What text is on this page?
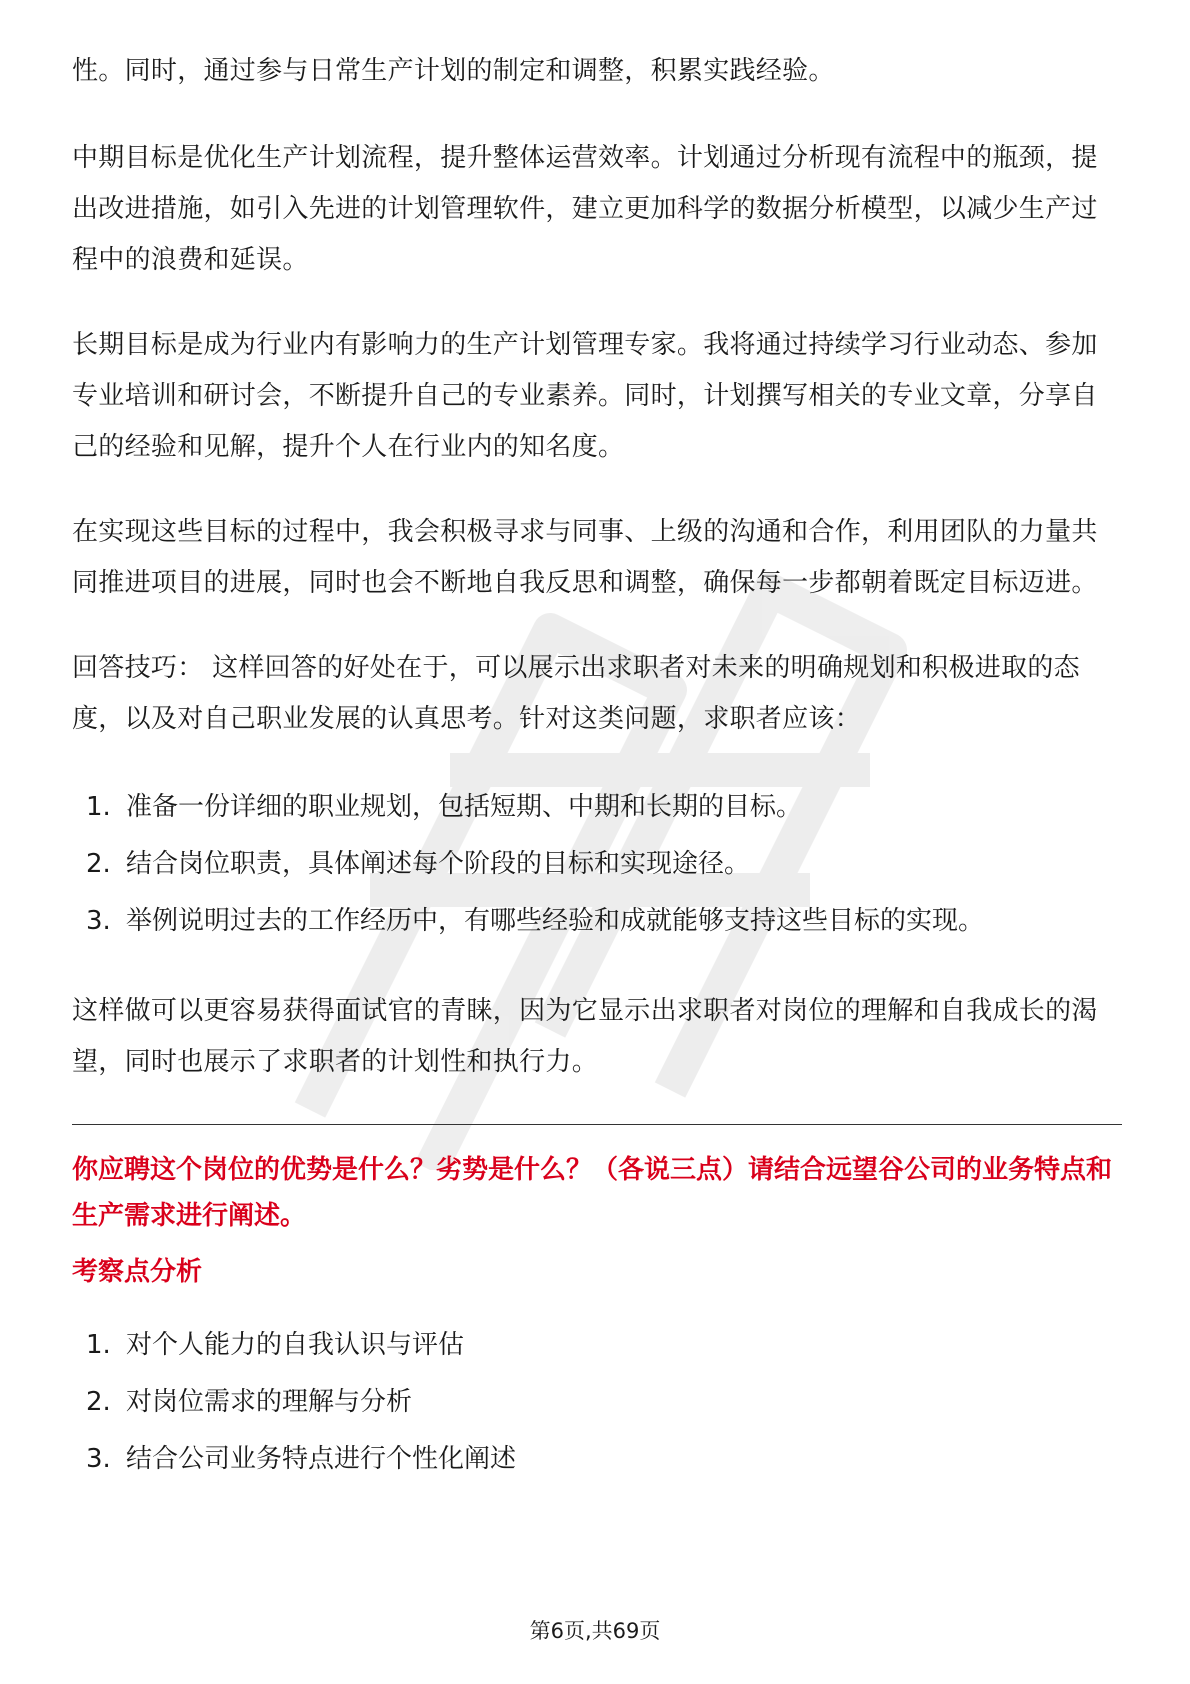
性。同时，通过参与日常生产计划的制定和调整，积累实践经验。

中期目标是优化生产计划流程，提升整体运营效率。计划通过分析现有流程中的瓶颈，提出改进措施，如引入先进的计划管理软件，建立更加科学的数据分析模型，以减少生产过程中的浪费和延误。

长期目标是成为行业内有影响力的生产计划管理专家。我将通过持续学习行业动态、参加专业培训和研讨会，不断提升自己的专业素养。同时，计划撰写相关的专业文章，分享自己的经验和见解，提升个人在行业内的知名度。

在实现这些目标的过程中，我会积极寻求与同事、上级的沟通和合作，利用团队的力量共同推进项目的进展，同时也会不断地自我反思和调整，确保每一步都朝着既定目标迈进。

回答技巧： 这样回答的好处在于，可以展示出求职者对未来的明确规划和积极进取的态度，以及对自己职业发展的认真思考。针对这类问题，求职者应该：

1. 准备一份详细的职业规划，包括短期、中期和长期的目标。
2. 结合岗位职责，具体阐述每个阶段的目标和实现途径。
3. 举例说明过去的工作经历中，有哪些经验和成就能够支持这些目标的实现。

这样做可以更容易获得面试官的青睐，因为它显示出求职者对岗位的理解和自我成长的渴望，同时也展示了求职者的计划性和执行力。

你应聘这个岗位的优势是什么？劣势是什么？（各说三点）请结合远望谷公司的业务特点和生产需求进行阐述。
考察点分析
1. 对个人能力的自我认识与评估
2. 对岗位需求的理解与分析
3. 结合公司业务特点进行个性化阐述
第6页,共69页
